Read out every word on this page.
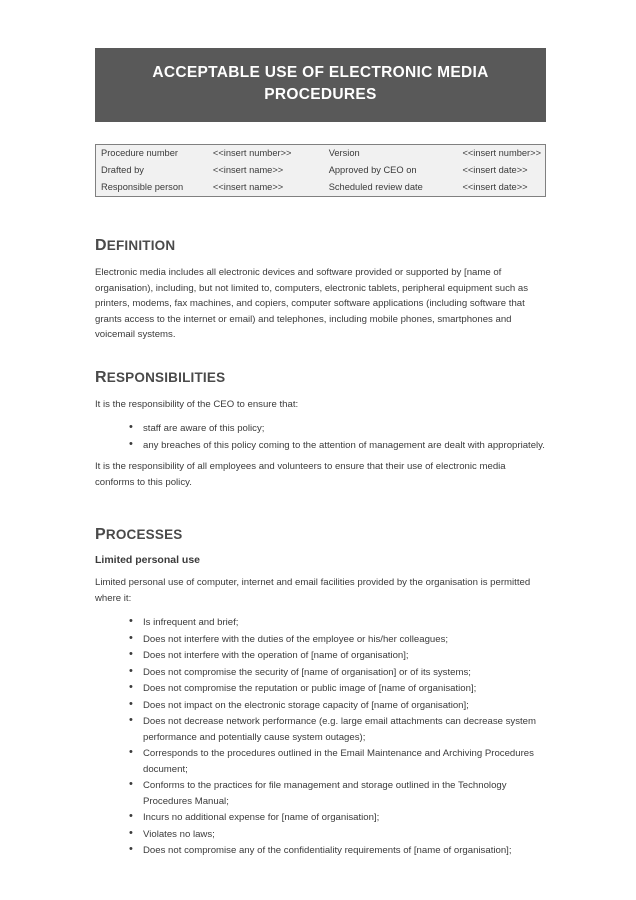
ACCEPTABLE USE OF ELECTRONIC MEDIA
PROCEDURES
Procedure number	<<insert number>>	Version	<<insert number>>
Drafted by	<<insert name>>	Approved by CEO on	<<insert date>>
Responsible person	<<insert name>>	Scheduled review date	<<insert date>>
DEFINITION

Electronic media includes all electronic devices and software provided or supported by [name of organisation), including, but not limited to, computers, electronic tablets, peripheral equipment such as printers, modems, fax machines, and copiers, computer software applications (including software that grants access to the internet or email) and telephones, including mobile phones, smartphones and voicemail systems.

RESPONSIBILITIES

It is the responsibility of the CEO to ensure that:

• staff are aware of this policy;
• any breaches of this policy coming to the attention of management are dealt with appropriately.

It is the responsibility of all employees and volunteers to ensure that their use of electronic media conforms to this policy.

PROCESSES
Limited personal use

Limited personal use of computer, internet and email facilities provided by the organisation is permitted where it:

• Is infrequent and brief;
• Does not interfere with the duties of the employee or his/her colleagues;
• Does not interfere with the operation of [name of organisation];
• Does not compromise the security of [name of organisation] or of its systems;
• Does not compromise the reputation or public image of [name of organisation];
• Does not impact on the electronic storage capacity of [name of organisation];
• Does not decrease network performance (e.g. large email attachments can decrease system performance and potentially cause system outages);
• Corresponds to the procedures outlined in the Email Maintenance and Archiving Procedures document;
• Conforms to the practices for file management and storage outlined in the Technology Procedures Manual;
• Incurs no additional expense for [name of organisation];
• Violates no laws;
• Does not compromise any of the confidentiality requirements of [name of organisation];
